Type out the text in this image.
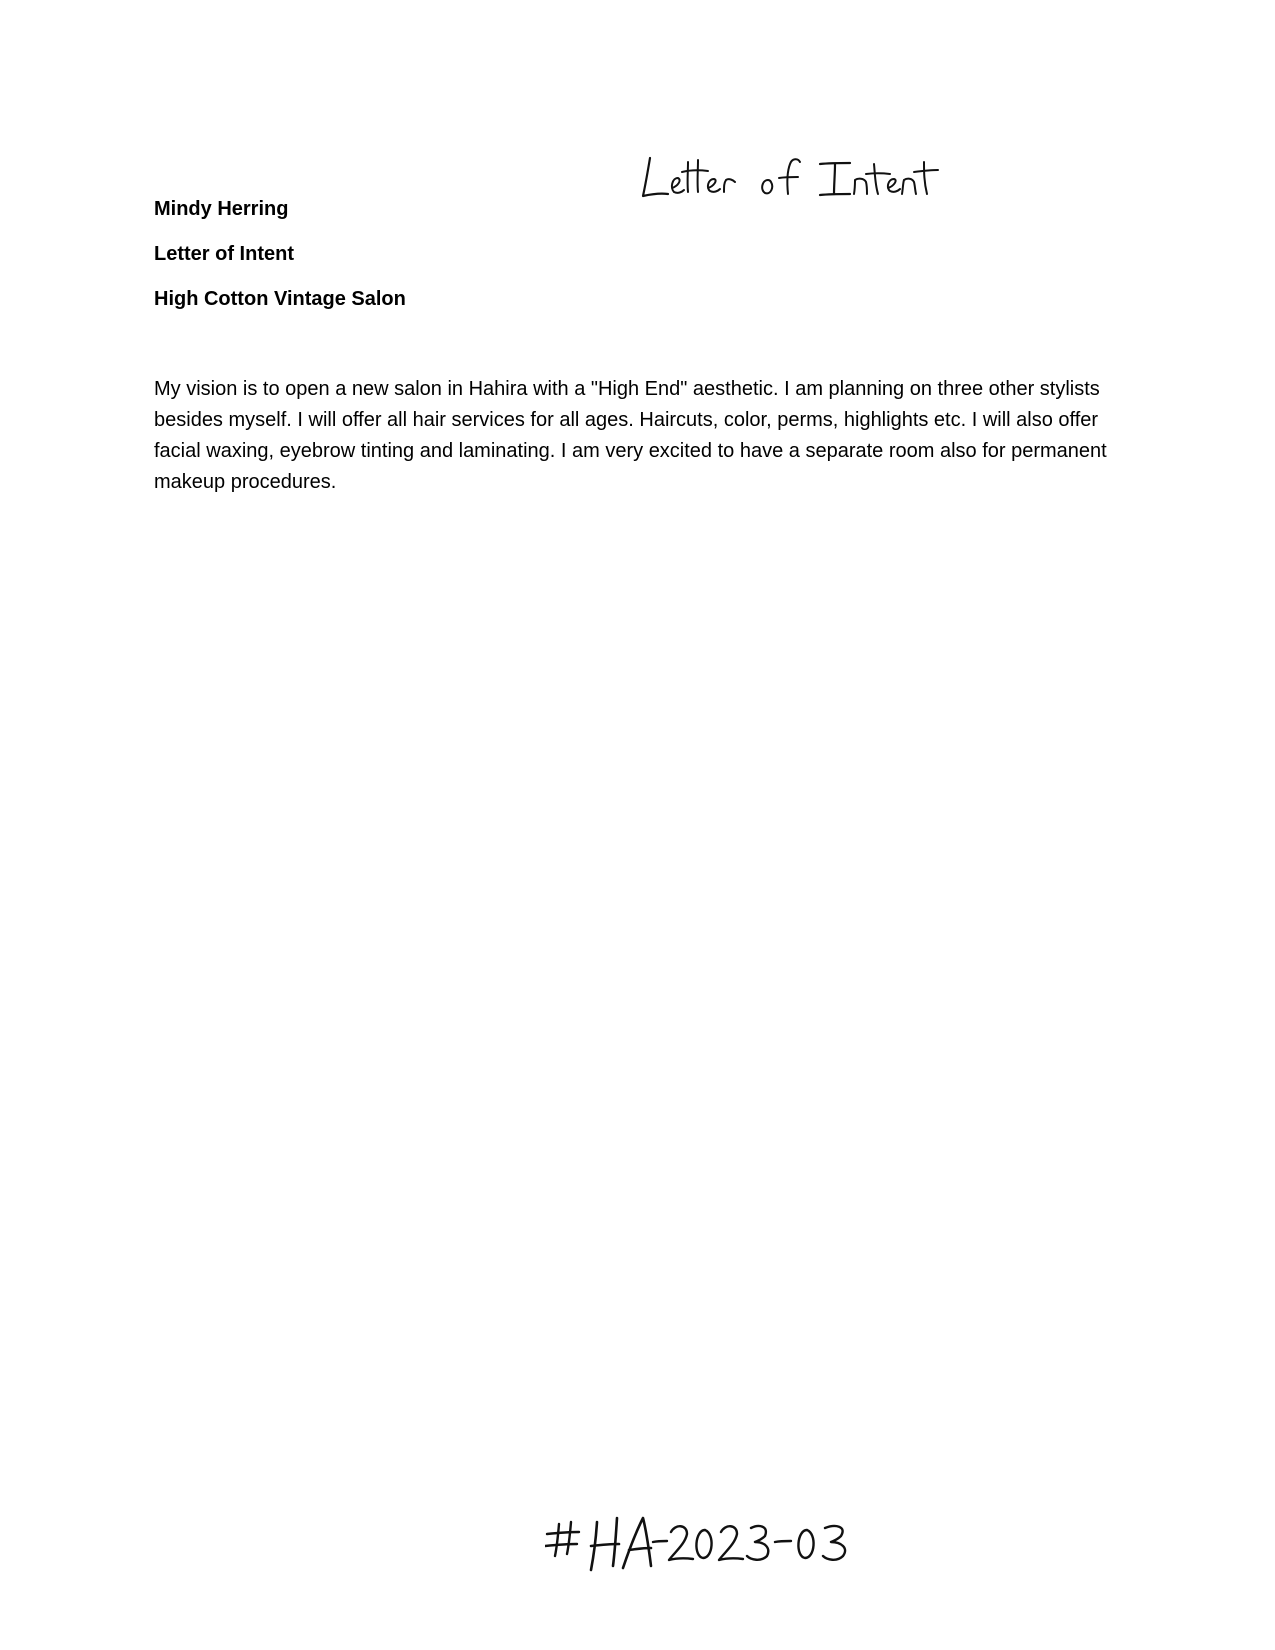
Mindy Herring

Letter of Intent

High Cotton Vintage Salon

My vision is to open a new salon in Hahira with a "High End" aesthetic. I am planning on three other stylists besides myself. I will offer all hair services for all ages. Haircuts, color, perms, highlights etc. I will also offer facial waxing, eyebrow tinting and laminating. I am very excited to have a separate room also for permanent makeup procedures.
